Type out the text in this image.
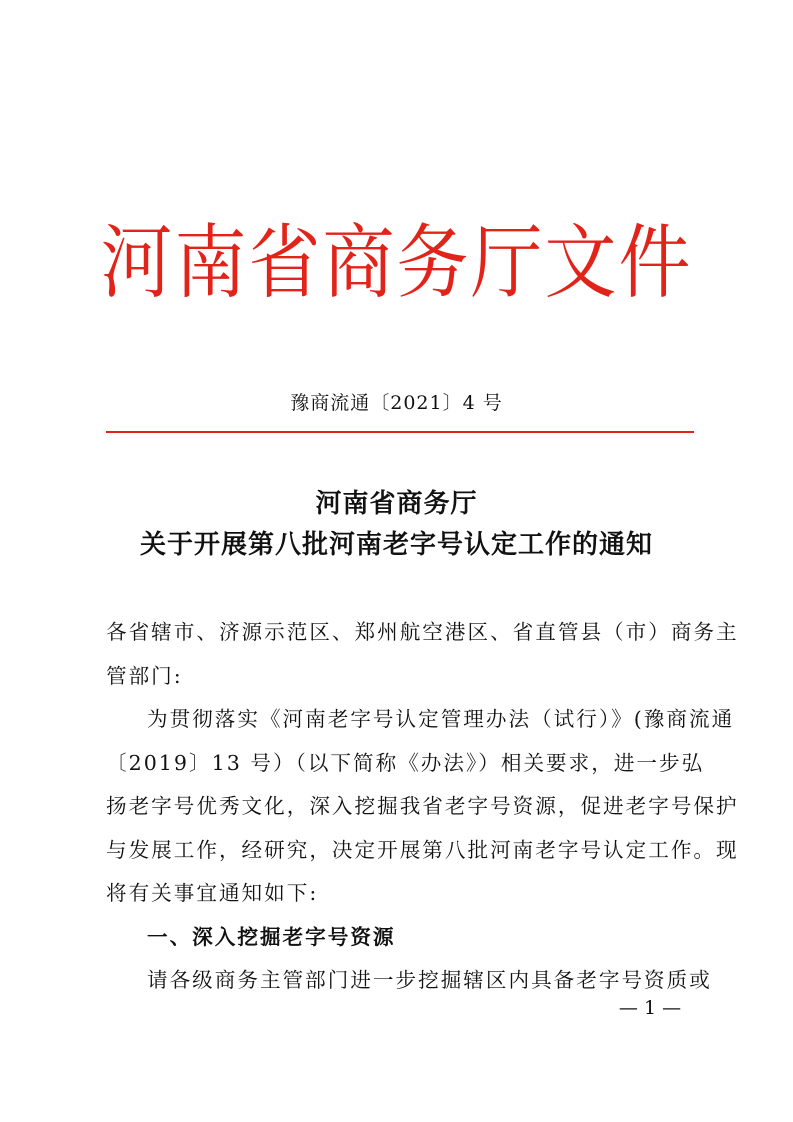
河南省商务厅文件
豫商流通〔2021〕4 号
河南省商务厅
关于开展第八批河南老字号认定工作的通知
各省辖市、济源示范区、郑州航空港区、省直管县（市）商务主
管部门:
为贯彻落实《河南老字号认定管理办法（试行）》(豫商流通
〔2019〕13 号）（以下简称《办法》）相关要求，进一步弘
扬老字号优秀文化，深入挖掘我省老字号资源，促进老字号保护
与发展工作，经研究，决定开展第八批河南老字号认定工作。现
将有关事宜通知如下:
一、深入挖掘老字号资源
请各级商务主管部门进一步挖掘辖区内具备老字号资质或
— 1 —
